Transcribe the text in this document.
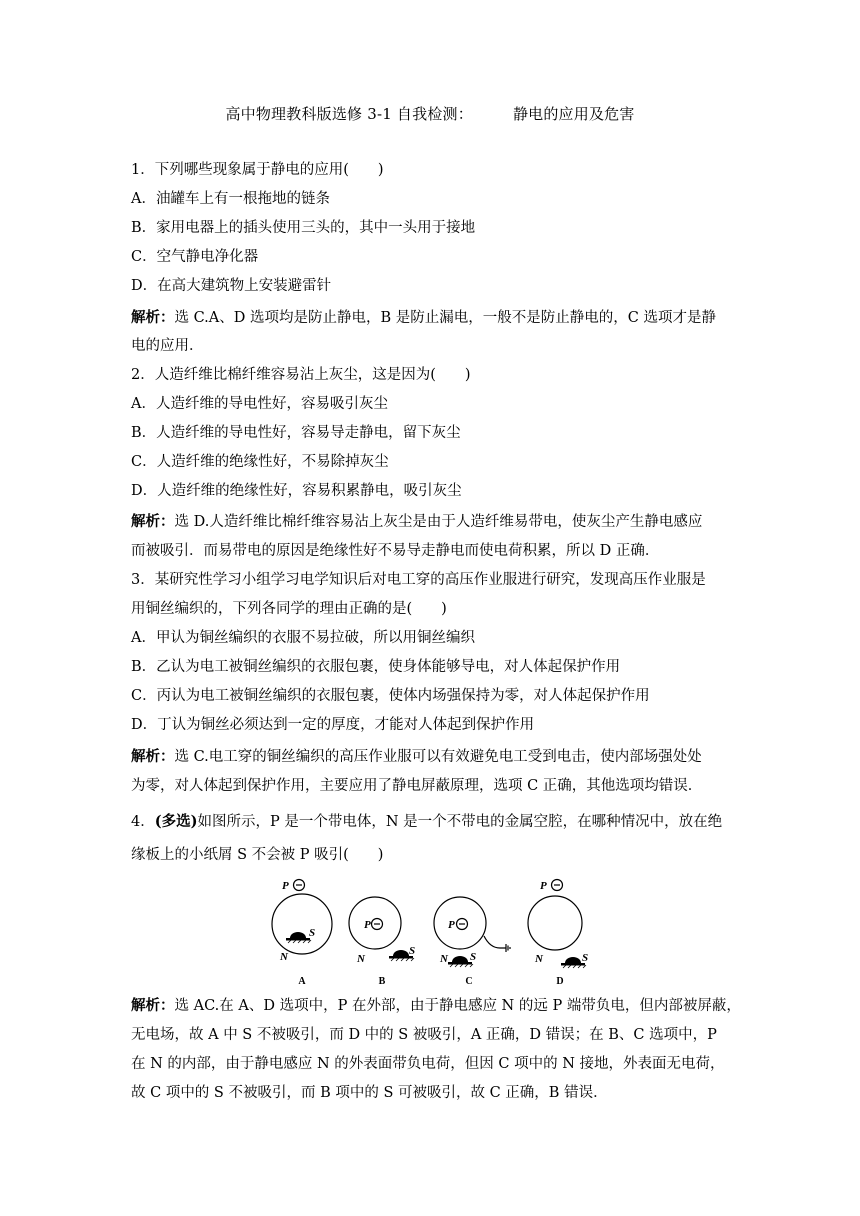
高中物理教科版选修 3-1 自我检测：	静电的应用及危害
1．下列哪些现象属于静电的应用(　　)
A．油罐车上有一根拖地的链条
B．家用电器上的插头使用三头的，其中一头用于接地
C．空气静电净化器
D．在高大建筑物上安装避雷针
解析：选 C.A、D 选项均是防止静电，B 是防止漏电，一般不是防止静电的，C 选项才是静
电的应用．
2．人造纤维比棉纤维容易沾上灰尘，这是因为(　　)
A．人造纤维的导电性好，容易吸引灰尘
B．人造纤维的导电性好，容易导走静电，留下灰尘
C．人造纤维的绝缘性好，不易除掉灰尘
D．人造纤维的绝缘性好，容易积累静电，吸引灰尘
解析：选 D.人造纤维比棉纤维容易沾上灰尘是由于人造纤维易带电，使灰尘产生静电感应
而被吸引．而易带电的原因是绝缘性好不易导走静电而使电荷积累，所以 D 正确．
3．某研究性学习小组学习电学知识后对电工穿的高压作业服进行研究，发现高压作业服是
用铜丝编织的，下列各同学的理由正确的是(　　)
A．甲认为铜丝编织的衣服不易拉破，所以用铜丝编织
B．乙认为电工被铜丝编织的衣服包裹，使身体能够导电，对人体起保护作用
C．丙认为电工被铜丝编织的衣服包裹，使体内场强保持为零，对人体起保护作用
D．丁认为铜丝必须达到一定的厚度，才能对人体起到保护作用
解析：选 C.电工穿的铜丝编织的高压作业服可以有效避免电工受到电击，使内部场强处处
为零，对人体起到保护作用，主要应用了静电屏蔽原理，选项 C 正确，其他选项均错误．
4．(多选)如图所示，P 是一个带电体，N 是一个不带电的金属空腔，在哪种情况中，放在绝
缘板上的小纸屑 S 不会被 P 吸引(　　)
P
P	P
P
S
S	S	S
N	N	N	N
A	B	C	D
解析：选 AC.在 A、D 选项中，P 在外部，由于静电感应 N 的远 P 端带负电，但内部被屏蔽，
无电场，故 A 中 S 不被吸引，而 D 中的 S 被吸引，A 正确，D 错误；在 B、C 选项中，P
在 N 的内部，由于静电感应 N 的外表面带负电荷，但因 C 项中的 N 接地，外表面无电荷，
故 C 项中的 S 不被吸引，而 B 项中的 S 可被吸引，故 C 正确，B 错误．
